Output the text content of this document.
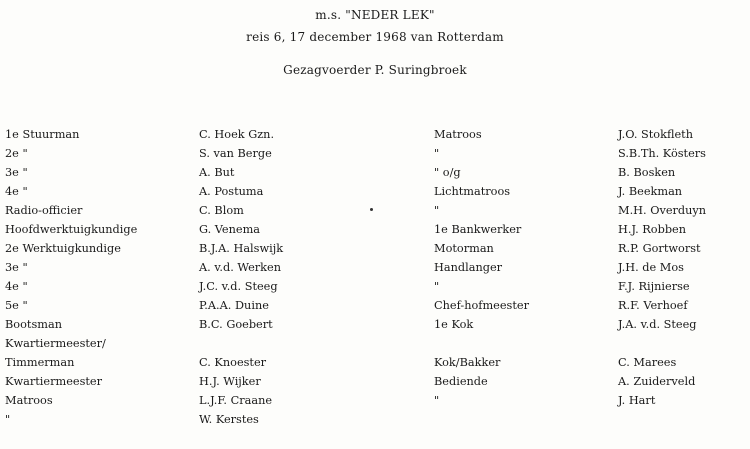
m.s. "NEDER LEK"
reis 6, 17 december 1968 van Rotterdam
Gezagvoerder P. Suringbroek
1e Stuurman
2e "
3e "
4e "
Radio-officier
Hoofdwerktuigkundige
2e Werktuigkundige
3e "
4e "
5e "
Bootsman
Kwartiermeester/
Timmerman
Kwartiermeester
Matroos
"
C. Hoek Gzn.
S. van Berge
A. But
A. Postuma
C. Blom
G. Venema
B.J.A. Halswijk
A. v.d. Werken
J.C. v.d. Steeg
P.A.A. Duine
B.C. Goebert
C. Knoester
H.J. Wijker
L.J.F. Craane
W. Kerstes
Matroos
"
" o/g
Lichtmatroos
"
1e Bankwerker
Motorman
Handlanger
"
Chef-hofmeester
1e Kok
Kok/Bakker
Bediende
"
J.O. Stokfleth
S.B.Th. Kösters
B. Bosken
J. Beekman
M.H. Overduyn
H.J. Robben
R.P. Gortworst
J.H. de Mos
F.J. Rijnierse
R.F. Verhoef
J.A. v.d. Steeg
C. Marees
A. Zuiderveld
J. Hart
